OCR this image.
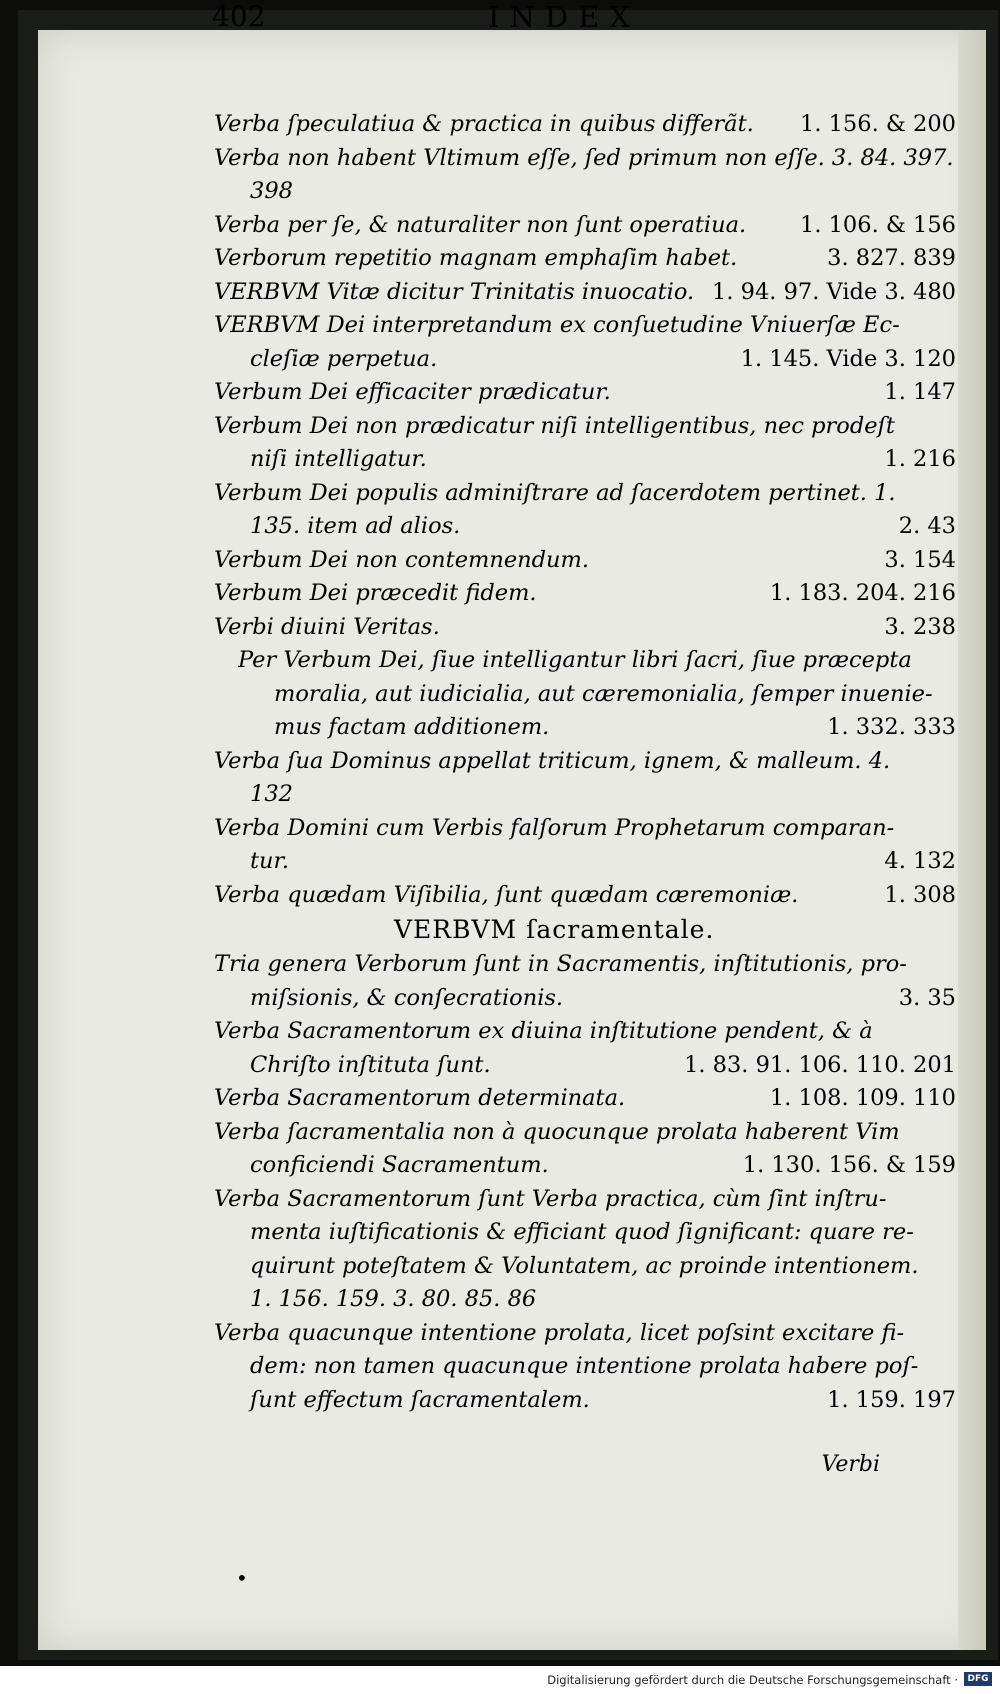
402	INDEX
Verba ſpeculatiua & practica in quibus differãt. 1. 156. & 200
Verba non habent Vltimum eſſe, ſed primum non eſſe. 3. 84. 397.
398
Verba per ſe, & naturaliter non ſunt operatiua. 1. 106. & 156
Verborum repetitio magnam emphaſim habet.	3. 827. 839
VERBVM Vitæ dicitur Trinitatis inuocatio. 1. 94. 97. Vide 3. 480
VERBVM Dei interpretandum ex conſuetudine Vniuerſæ Ec-
cleſiæ perpetua.	1. 145. Vide 3. 120
Verbum Dei efficaciter prædicatur.	1. 147
Verbum Dei non prædicatur niſi intelligentibus, nec prodeſt
niſi intelligatur.	1. 216
Verbum Dei populis adminiſtrare ad ſacerdotem pertinet. 1.
135. item ad alios.	2. 43
Verbum Dei non contemnendum.	3. 154
Verbum Dei præcedit fidem.	1. 183. 204. 216
Verbi diuini Veritas.	3. 238
Per Verbum Dei, ſiue intelligantur libri ſacri, ſiue præcepta
moralia, aut iudicialia, aut cæremonialia, ſemper inuenie-
mus factam additionem.	1. 332. 333
Verba ſua Dominus appellat triticum, ignem, & malleum. 4.
132
Verba Domini cum Verbis falſorum Prophetarum comparan-
tur.	4. 132
Verba quædam Viſibilia, ſunt quædam cæremoniæ.	1. 308
VERBVM ſacramentale.
Tria genera Verborum ſunt in Sacramentis, inſtitutionis, pro-
miſsionis, & conſecrationis.	3. 35
Verba Sacramentorum ex diuina inſtitutione pendent, & à
Chriſto inſtituta ſunt.	1. 83. 91. 106. 110. 201
Verba Sacramentorum determinata.	1. 108. 109. 110
Verba ſacramentalia non à quocunque prolata haberent Vim
conficiendi Sacramentum.	1. 130. 156. & 159
Verba Sacramentorum ſunt Verba practica, cùm ſint inſtru-
menta iuſtificationis & efficiant quod ſignificant: quare re-
quirunt poteſtatem & Voluntatem, ac proinde intentionem.
1. 156. 159. 3. 80. 85. 86
Verba quacunque intentione prolata, licet poſsint excitare fi-
dem: non tamen quacunque intentione prolata habere poſ-
ſunt effectum ſacramentalem.	1. 159. 197
Verbi
•
Digitalisierung gefördert durch die Deutsche Forschungsgemeinschaft ·	DFG
